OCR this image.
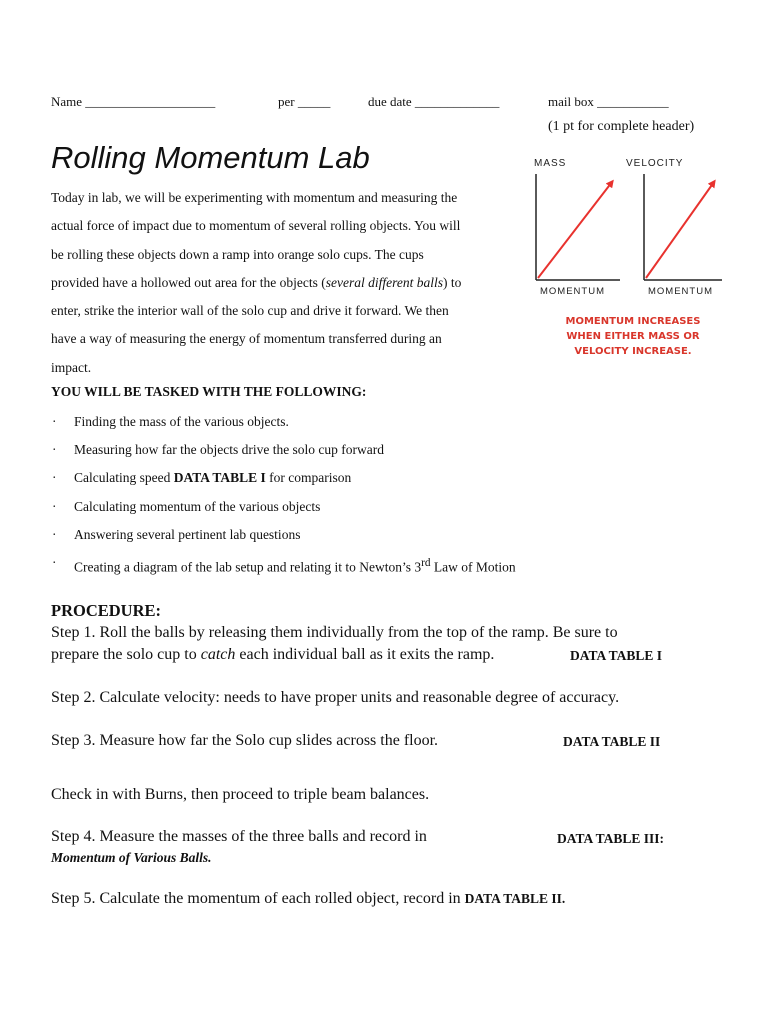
Name ____________________	per _____	due date _____________	mail box ___________
(1 pt for complete header)
Rolling Momentum Lab
Today in lab, we will be experimenting with momentum and measuring the
actual force of impact due to momentum of several rolling objects. You will
be rolling these objects down a ramp into orange solo cups. The cups
provided have a hollowed out area for the objects (several different balls) to
enter, strike the interior wall of the solo cup and drive it forward. We then
have a way of measuring the energy of momentum transferred during an
impact.
MASS	VELOCITY
MOMENTUM	MOMENTUM
MOMENTUM INCREASES
WHEN EITHER MASS OR
VELOCITY INCREASE.
YOU WILL BE TASKED WITH THE FOLLOWING:
· Finding the mass of the various objects.
· Measuring how far the objects drive the solo cup forward
· Calculating speed DATA TABLE I for comparison
· Calculating momentum of the various objects
· Answering several pertinent lab questions
· Creating a diagram of the lab setup and relating it to Newton’s 3rd Law of Motion
PROCEDURE:
Step 1. Roll the balls by releasing them individually from the top of the ramp. Be sure to
prepare the solo cup to catch each individual ball as it exits the ramp.	DATA TABLE I
Step 2. Calculate velocity: needs to have proper units and reasonable degree of accuracy.
Step 3. Measure how far the Solo cup slides across the floor.	DATA TABLE II
Check in with Burns, then proceed to triple beam balances.
Step 4. Measure the masses of the three balls and record in	DATA TABLE III:
Momentum of Various Balls.
Step 5. Calculate the momentum of each rolled object, record in DATA TABLE II.
